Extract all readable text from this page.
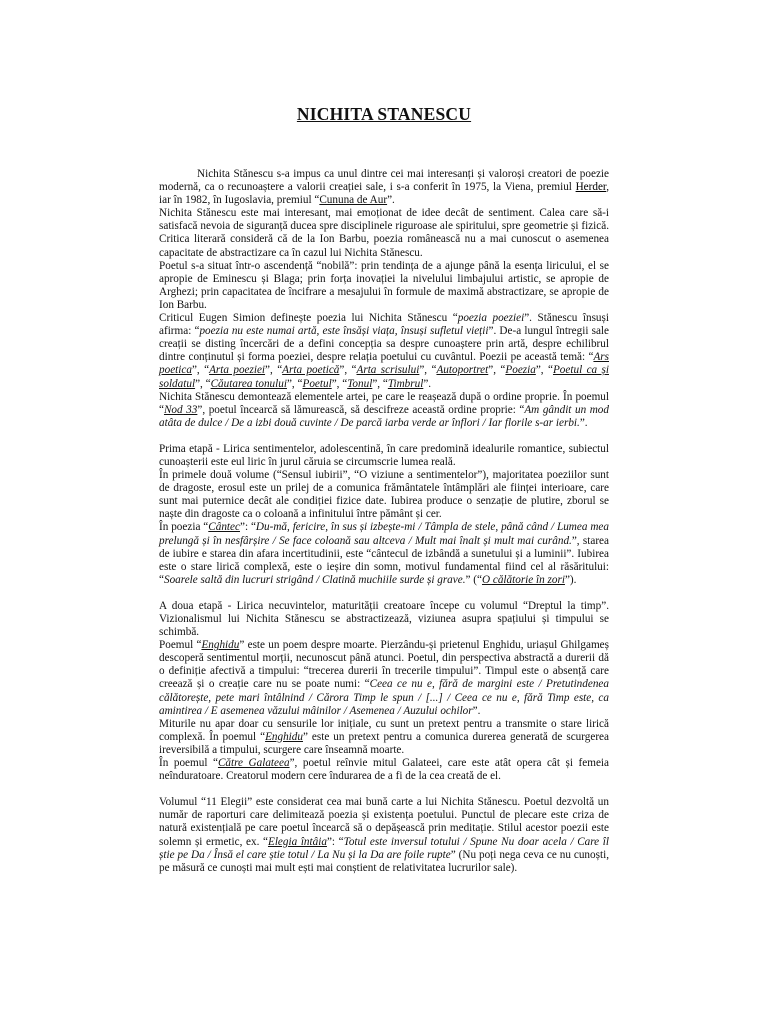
NICHITA STANESCU

Nichita Stănescu s-a impus ca unul dintre cei mai interesanți și valoroși creatori de poezie modernă, ca o recunoaștere a valorii creației sale, i s-a conferit în 1975, la Viena, premiul Herder, iar în 1982, în Iugoslavia, premiul “Cununa de Aur”.

Nichita Stănescu este mai interesant, mai emoționat de idee decât de sentiment. Calea care să-i satisfacă nevoia de siguranță ducea spre disciplinele riguroase ale spiritului, spre geometrie și fizică. Critica literară consideră că de la Ion Barbu, poezia românească nu a mai cunoscut o asemenea capacitate de abstractizare ca în cazul lui Nichita Stănescu.

Poetul s-a situat într-o ascendență “nobilă”: prin tendința de a ajunge până la esența liricului, el se apropie de Eminescu și Blaga; prin forța inovației la nivelului limbajului artistic, se apropie de Arghezi; prin capacitatea de încifrare a mesajului în formule de maximă abstractizare, se apropie de Ion Barbu.

Criticul Eugen Simion definește poezia lui Nichita Stănescu “poezia poeziei”. Stănescu însuși afirma: “poezia nu este numai artă, este însăși viața, însuși sufletul vieții”. De-a lungul întregii sale creații se disting încercări de a defini concepția sa despre cunoaștere prin artă, despre echilibrul dintre conținutul și forma poeziei, despre relația poetului cu cuvântul. Poezii pe această temă: “Ars poetica”, “Arta poeziei”, “Arta poetică”, “Arta scrisului”, “Autoportret”, “Poezia”, “Poetul ca și soldatul”, “Căutarea tonului”, “Poetul”, “Tonul”, “Timbrul”.

Nichita Stănescu demontează elementele artei, pe care le reașează după o ordine proprie. În poemul “Nod 33”, poetul încearcă să lămurească, să descifreze această ordine proprie: “Am gândit un mod atâta de dulce / De a izbi două cuvinte / De parcă iarba verde ar înflori / Iar florile s-ar ierbi.”.

Prima etapă - Lirica sentimentelor, adolescentină, în care predomină idealurile romantice, subiectul cunoașterii este eul liric în jurul căruia se circumscrie lumea reală.

În primele două volume (“Sensul iubirii”, “O viziune a sentimentelor”), majoritatea poeziilor sunt de dragoste, erosul este un prilej de a comunica frământatele întâmplări ale ființei interioare, care sunt mai puternice decât ale condiției fizice date. Iubirea produce o senzație de plutire, zborul se naște din dragoste ca o coloană a infinitului între pământ și cer.

În poezia “Cântec”: “Du-mă, fericire, în sus și izbește-mi / Tâmpla de stele, până când / Lumea mea prelungă și în nesfârșire / Se face coloană sau altceva / Mult mai înalt și mult mai curând.”, starea de iubire e starea din afara incertitudinii, este “cântecul de izbândă a sunetului și a luminii”. Iubirea este o stare lirică complexă, este o ieșire din somn, motivul fundamental fiind cel al răsăritului: “Soarele saltă din lucruri strigând / Clatină muchiile surde și grave.” (“O călătorie în zori”).

A doua etapă - Lirica necuvintelor, maturității creatoare începe cu volumul “Dreptul la timp”. Vizionalismul lui Nichita Stănescu se abstractizează, viziunea asupra spațiului și timpului se schimbă.

Poemul “Enghidu” este un poem despre moarte. Pierzându-și prietenul Enghidu, uriașul Ghilgameș descoperă sentimentul morții, necunoscut până atunci. Poetul, din perspectiva abstractă a durerii dă o definiție afectivă a timpului: “trecerea durerii în trecerile timpului”. Timpul este o absență care creează și o creație care nu se poate numi: “Ceea ce nu e, fără de margini este / Pretutindenea călătorește, pete mari întâlnind / Cărora Timp le spun / [...] / Ceea ce nu e, fără Timp este, ca amintirea / E asemenea văzului mâinilor / Asemenea / Auzului ochilor”.

Miturile nu apar doar cu sensurile lor inițiale, cu sunt un pretext pentru a transmite o stare lirică complexă. În poemul “Enghidu” este un pretext pentru a comunica durerea generată de scurgerea ireversibilă a timpului, scurgere care înseamnă moarte.

În poemul “Către Galateea”, poetul reînvie mitul Galateei, care este atât opera cât și femeia neînduratoare. Creatorul modern cere îndurarea de a fi de la cea creată de el.

Volumul “11 Elegii” este considerat cea mai bună carte a lui Nichita Stănescu. Poetul dezvoltă un număr de raporturi care delimitează poezia și existența poetului. Punctul de plecare este criza de natură existențială pe care poetul încearcă să o depășească prin meditație. Stilul acestor poezii este solemn și ermetic, ex. “Elegia întâia”: “Totul este inversul totului / Spune Nu doar acela / Care îl știe pe Da / Însă el care știe totul / La Nu și la Da are foile rupte” (Nu poți nega ceva ce nu cunoști, pe măsură ce cunoști mai mult ești mai conștient de relativitatea lucrurilor sale).
